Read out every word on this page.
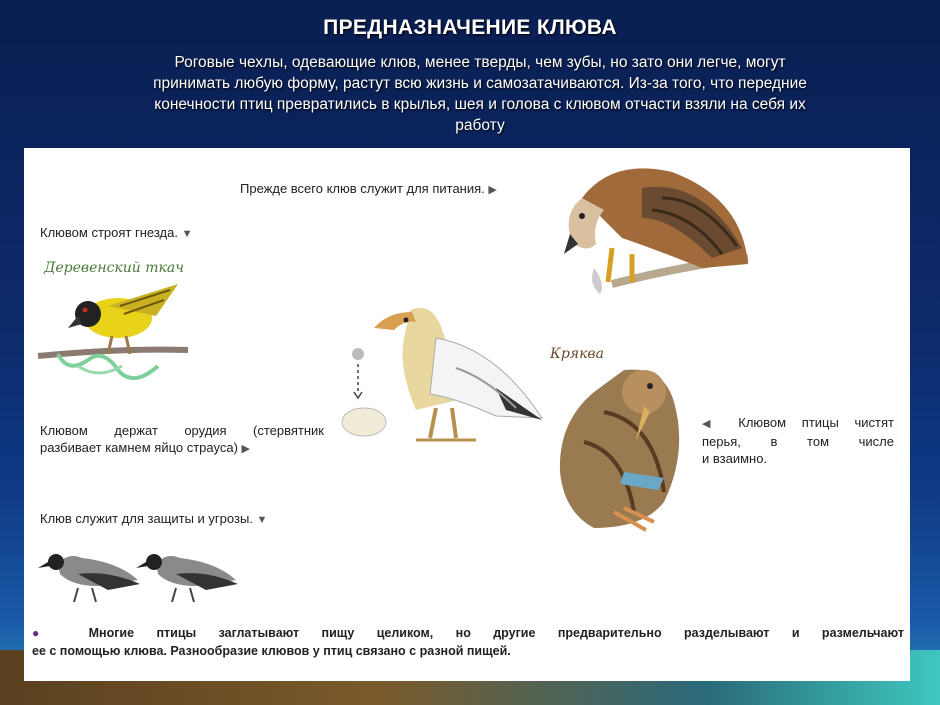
ПРЕДНАЗНАЧЕНИЕ КЛЮВА
Роговые чехлы, одевающие клюв, менее тверды, чем зубы, но зато они легче, могут
принимать любую форму, растут всю жизнь и самозатачиваются. Из-за того, что передние
конечности птиц превратились в крылья, шея и голова с клювом отчасти взяли на себя их
работу
Прежде всего клюв служит для питания. ▶
Клювом строят гнезда. ▼
Деревенский ткач
Кряква
Клювом держат орудия (стервятник
разбивает камнем яйцо страуса) ▶
◀ Клювом птицы чистят
перья, в том числе
и взаимно.
Клюв служит для защиты и угрозы. ▼
● Многие птицы заглатывают пищу целиком, но другие предварительно разделывают и размельчают
ее с помощью клюва. Разнообразие клювов у птиц связано с разной пищей.
